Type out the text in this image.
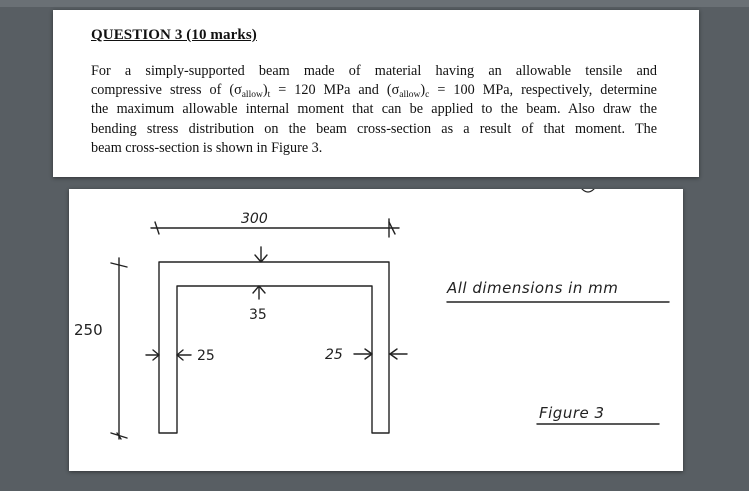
QUESTION 3 (10 marks)
For a simply-supported beam made of material having an allowable tensile and
compressive stress of $(\sigma_{allow})_t = 120$ MPa and $(\sigma_{allow})_c = 100$ MPa, respectively, determine
the maximum allowable internal moment that can be applied to the beam. Also draw the
bending stress distribution on the beam cross-section as a result of that moment. The
beam cross-section is shown in Figure 3.
300
250
35
25	25
All dimensions in mm
Figure 3
